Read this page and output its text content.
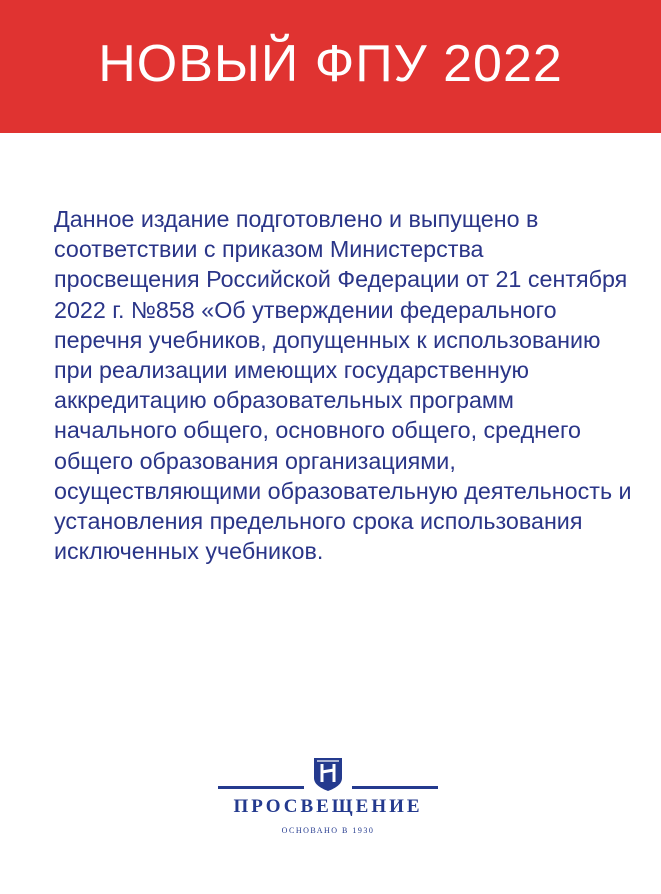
НОВЫЙ ФПУ 2022

Данное издание подготовлено и выпущено в соответствии с приказом Министерства просвещения Российской Федерации от 21 сентября 2022 г. №858 «Об утверждении федерального перечня учебников, допущенных к использованию при реализации имеющих государственную аккредитацию образовательных программ начального общего, основного общего, среднего общего образования организациями, осуществляющими образовательную деятельность и установления предельного срока использования исключенных учебников.

ПРОСВЕЩЕНИЕ
ОСНОВАНО В 1930
